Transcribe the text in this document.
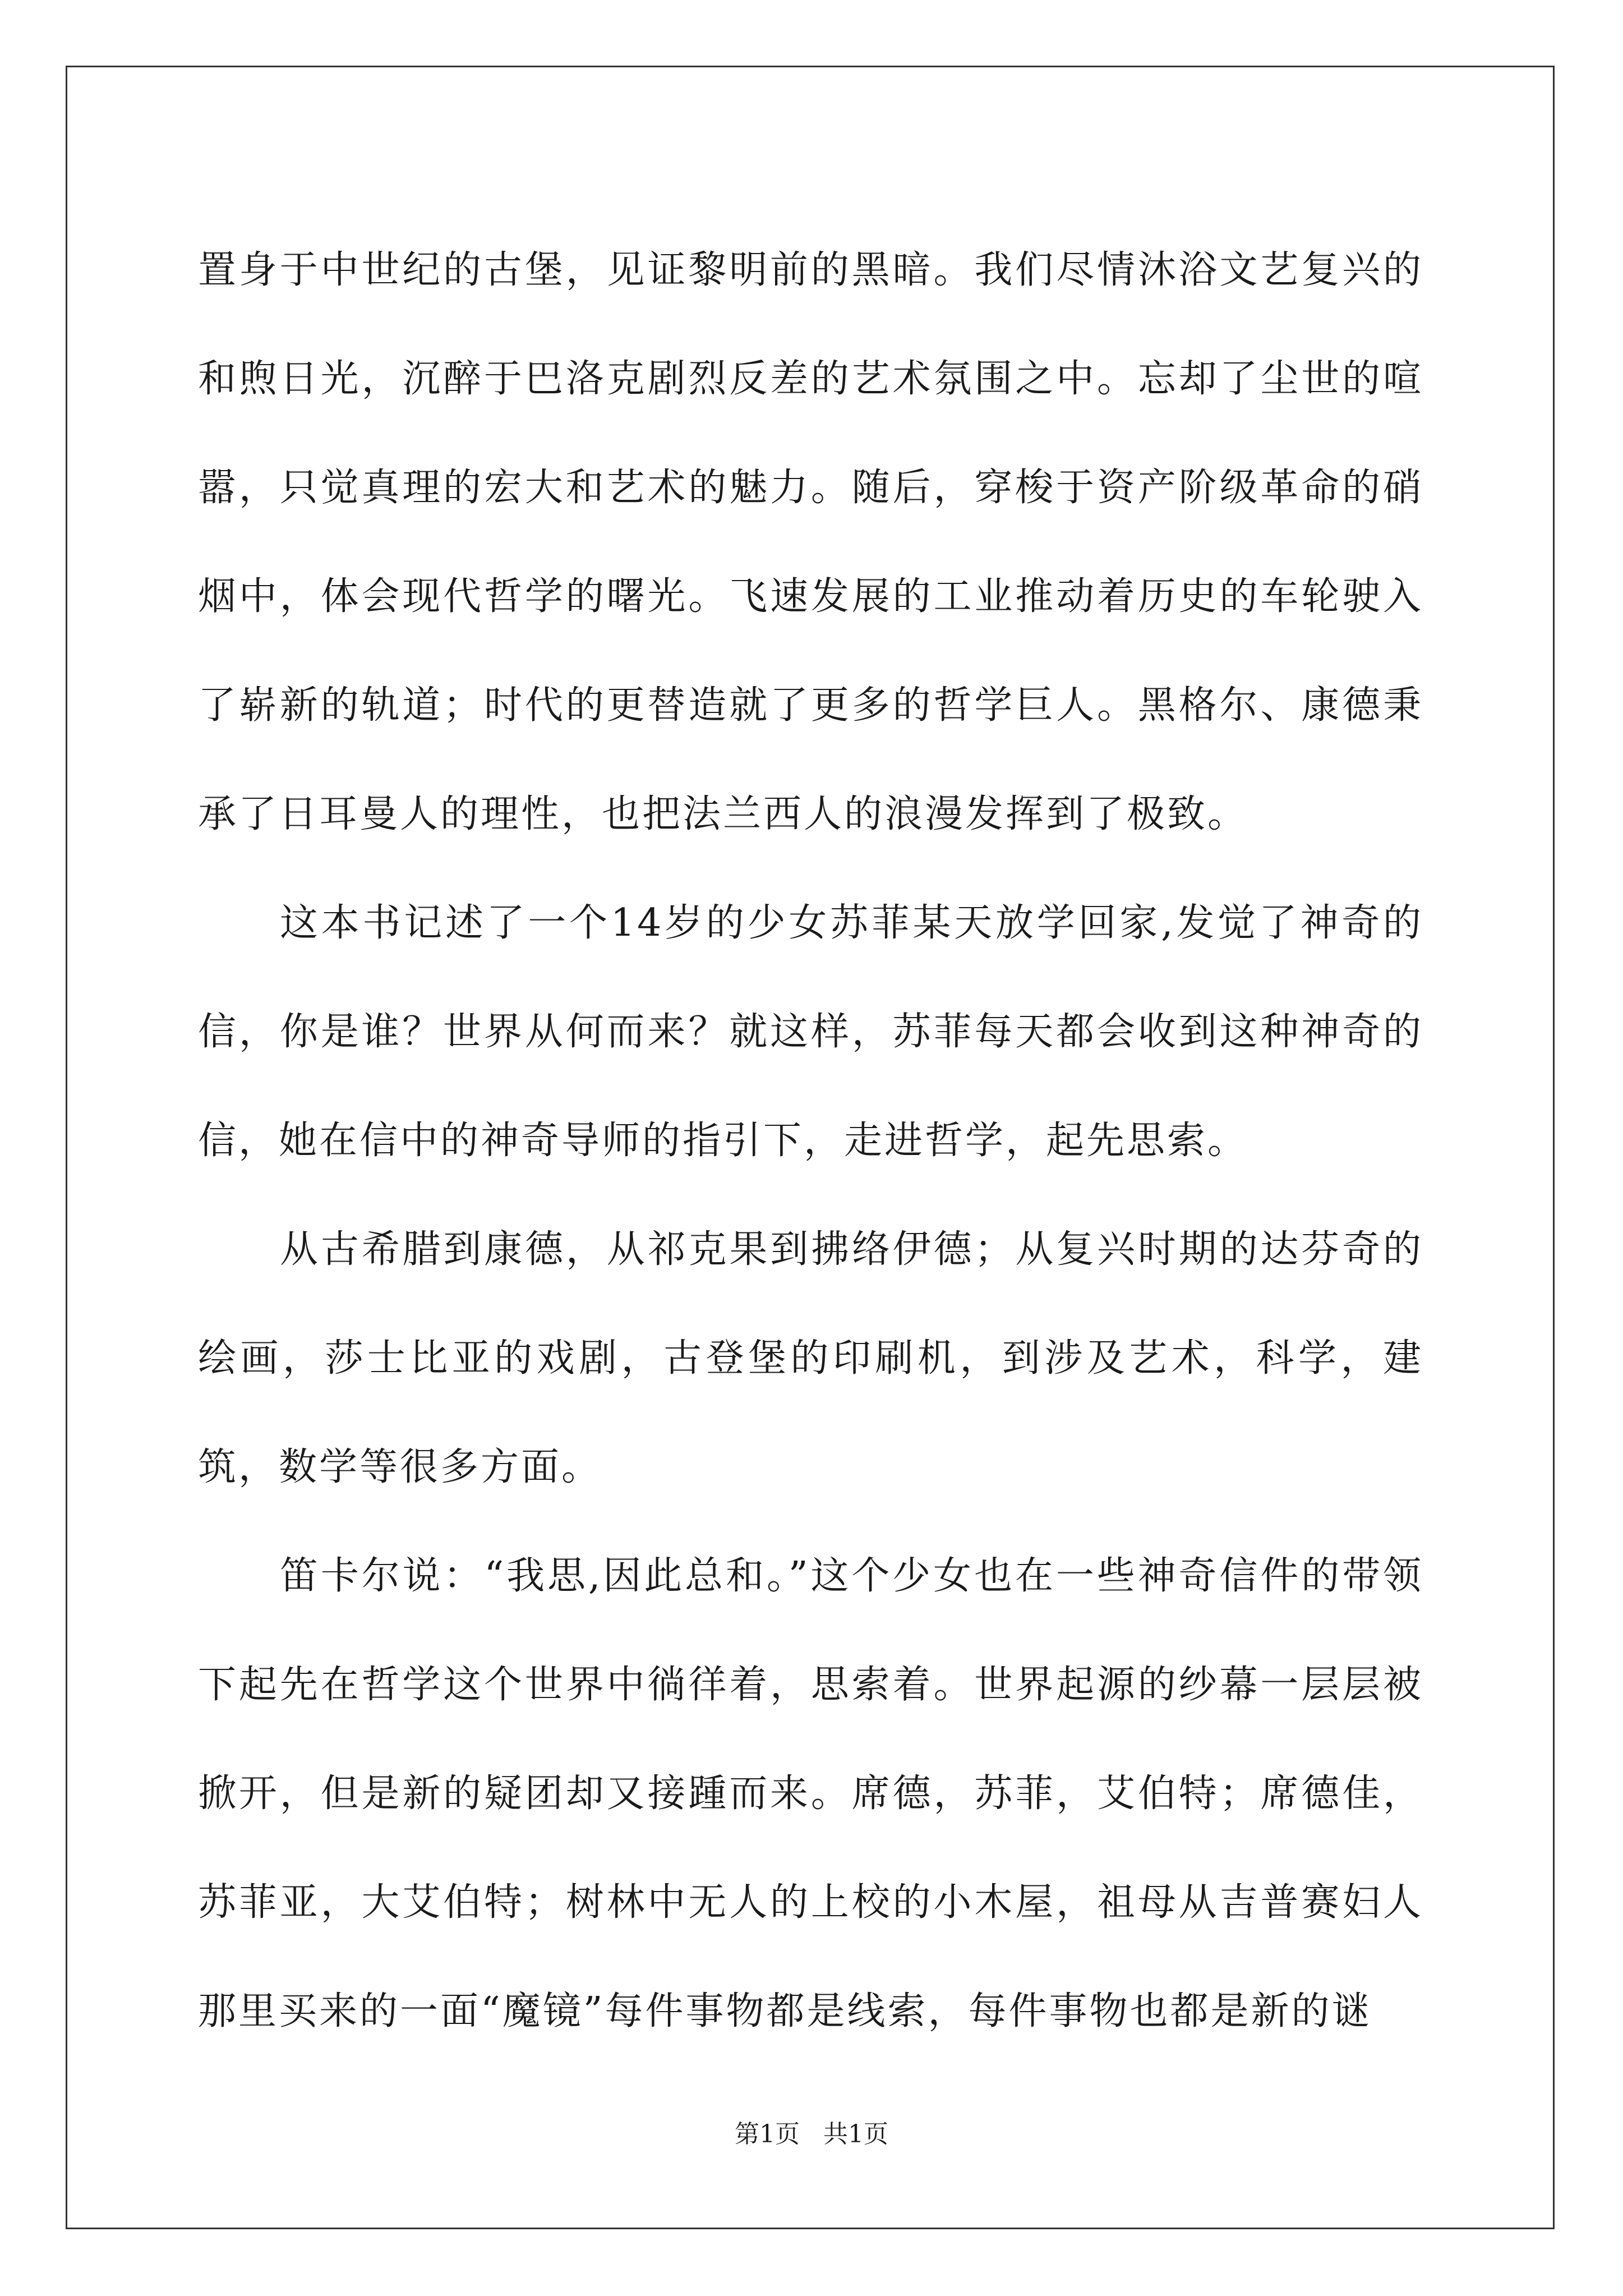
置身于中世纪的古堡，见证黎明前的黑暗。我们尽情沐浴文艺复兴的和煦日光，沉醉于巴洛克剧烈反差的艺术氛围之中。忘却了尘世的喧嚣，只觉真理的宏大和艺术的魅力。随后，穿梭于资产阶级革命的硝烟中，体会现代哲学的曙光。飞速发展的工业推动着历史的车轮驶入了崭新的轨道；时代的更替造就了更多的哲学巨人。黑格尔、康德秉承了日耳曼人的理性，也把法兰西人的浪漫发挥到了极致。

这本书记述了一个14岁的少女苏菲某天放学回家,发觉了神奇的信，你是谁？世界从何而来？就这样，苏菲每天都会收到这种神奇的信，她在信中的神奇导师的指引下，走进哲学，起先思索。

从古希腊到康德，从祁克果到拂络伊德；从复兴时期的达芬奇的绘画，莎士比亚的戏剧，古登堡的印刷机，到涉及艺术，科学，建筑，数学等很多方面。

笛卡尔说：“我思,因此总和。”这个少女也在一些神奇信件的带领下起先在哲学这个世界中徜徉着，思索着。世界起源的纱幕一层层被掀开，但是新的疑团却又接踵而来。席德，苏菲，艾伯特；席德佳，苏菲亚，大艾伯特；树林中无人的上校的小木屋，祖母从吉普赛妇人那里买来的一面“魔镜”每件事物都是线索，每件事物也都是新的谜

第1页   共1页
